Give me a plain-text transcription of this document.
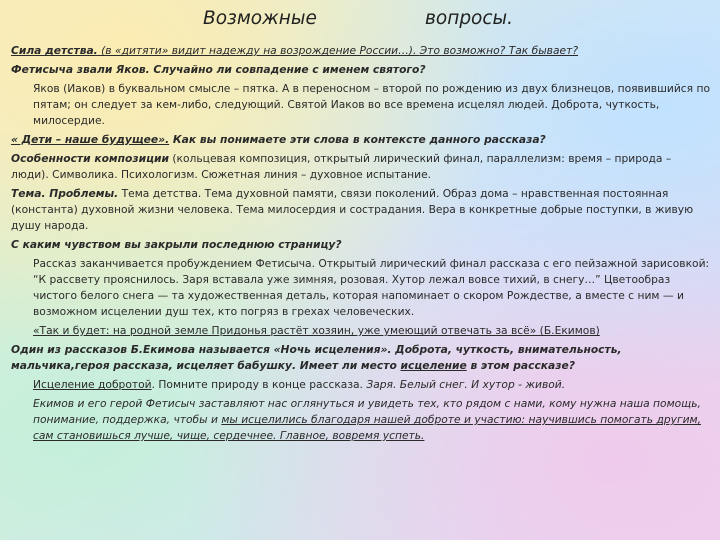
Возможные	вопросы.

Сила детства. (в «дитяти» видит надежду на возрождение России…). Это возможно? Так бывает?

Фетисыча звали Яков. Случайно ли совпадение с именем святого?

Яков (Иаков) в буквальном смысле – пятка. А в переносном – второй по рождению из двух близнецов, появившийся по пятам; он следует за кем-либо, следующий. Святой Иаков во все времена исцелял людей. Доброта, чуткость, милосердие.

« Дети – наше будущее». Как вы понимаете эти слова в контексте данного рассказа?

Особенности композиции (кольцевая композиция, открытый лирический финал, параллелизм: время – природа – люди). Символика. Психологизм. Сюжетная линия – духовное испытание.

Тема. Проблемы. Тема детства. Тема духовной памяти, связи поколений. Образ дома – нравственная постоянная (константа) духовной жизни человека. Тема милосердия и сострадания. Вера в конкретные добрые поступки, в живую душу народа.

С каким чувством вы закрыли последнюю страницу?

Рассказ заканчивается пробуждением Фетисыча. Открытый лирический финал рассказа с его пейзажной зарисовкой: “К рассвету прояснилось. Заря вставала уже зимняя, розовая. Хутор лежал вовсе тихий, в снегу…” Цветообраз чистого белого снега — та художественная деталь, которая напоминает о скором Рождестве, а вместе с ним — и возможном исцелении душ тех, кто погряз в грехах человеческих.

«Так и будет: на родной земле Придонья растёт хозяин, уже умеющий отвечать за всё» (Б.Екимов)

Один из рассказов Б.Екимова называется «Ночь исцеления». Доброта, чуткость, внимательность, мальчика,героя рассказа, исцеляет бабушку. Имеет ли место исцеление в этом рассказе?

Исцеление добротой. Помните природу в конце рассказа. Заря. Белый снег. И хутор - живой.

Екимов и его герой Фетисыч заставляют нас оглянуться и увидеть тех, кто рядом с нами, кому нужна наша помощь, понимание, поддержка, чтобы и мы исцелились благодаря нашей доброте и участию: научившись помогать другим, сам становишься лучше, чище, сердечнее. Главное, вовремя успеть.
